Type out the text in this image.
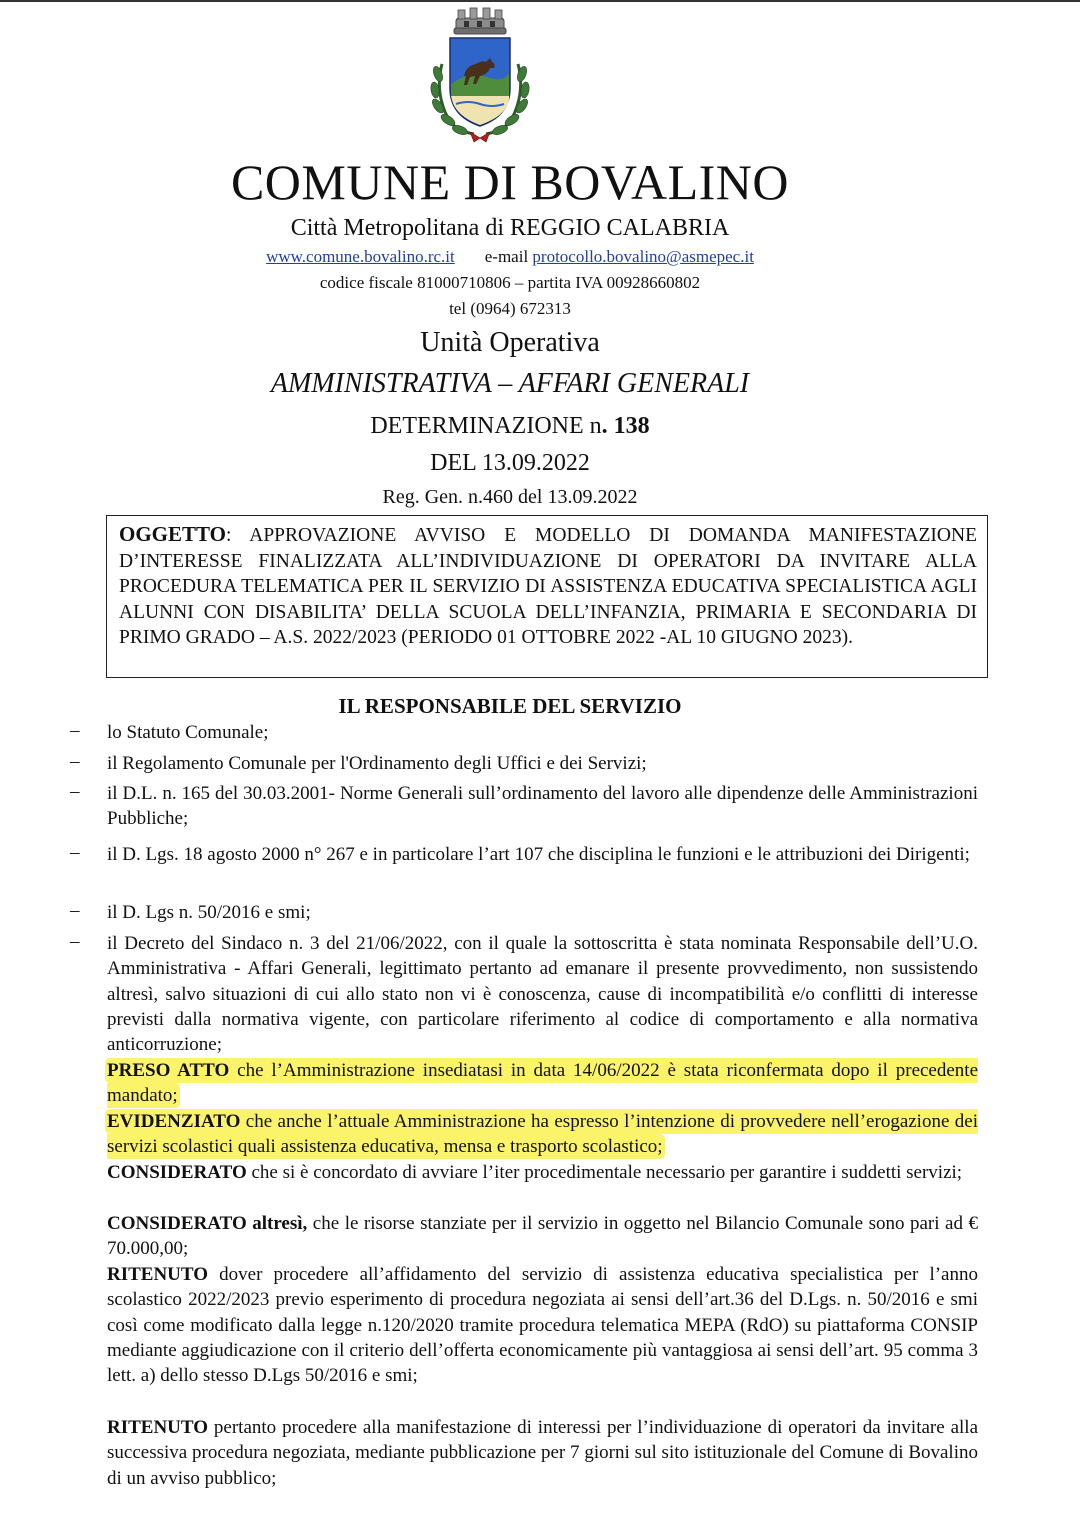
COMUNE DI BOVALINO
Città Metropolitana di REGGIO CALABRIA
www.comune.bovalino.rc.it e-mail protocollo.bovalino@asmepec.it
codice fiscale 81000710806 – partita IVA 00928660802
tel (0964) 672313
Unità Operativa
AMMINISTRATIVA – AFFARI GENERALI
DETERMINAZIONE n. 138
DEL 13.09.2022
Reg. Gen. n.460 del 13.09.2022
OGGETTO: APPROVAZIONE AVVISO E MODELLO DI DOMANDA MANIFESTAZIONE D’INTERESSE FINALIZZATA ALL’INDIVIDUAZIONE DI OPERATORI DA INVITARE ALLA PROCEDURA TELEMATICA PER IL SERVIZIO DI ASSISTENZA EDUCATIVA SPECIALISTICA AGLI ALUNNI CON DISABILITA’ DELLA SCUOLA DELL’INFANZIA, PRIMARIA E SECONDARIA DI PRIMO GRADO – A.S. 2022/2023 (PERIODO 01 OTTOBRE 2022 -AL 10 GIUGNO 2023).
IL RESPONSABILE DEL SERVIZIO
–	lo Statuto Comunale;
–	il Regolamento Comunale per l'Ordinamento degli Uffici e dei Servizi;
–	il D.L. n. 165 del 30.03.2001- Norme Generali sull’ordinamento del lavoro alle dipendenze delle Amministrazioni Pubbliche;
–	il D. Lgs. 18 agosto 2000 n° 267 e in particolare l’art 107 che disciplina le funzioni e le attribuzioni dei Dirigenti;
–	il D. Lgs n. 50/2016 e smi;
–	il Decreto del Sindaco n. 3 del 21/06/2022, con il quale la sottoscritta è stata nominata Responsabile dell’U.O. Amministrativa - Affari Generali, legittimato pertanto ad emanare il presente provvedimento, non sussistendo altresì, salvo situazioni di cui allo stato non vi è conoscenza, cause di incompatibilità e/o conflitti di interesse previsti dalla normativa vigente, con particolare riferimento al codice di comportamento e alla normativa anticorruzione;
PRESO ATTO che l’Amministrazione insediatasi in data 14/06/2022 è stata riconfermata dopo il precedente mandato;
EVIDENZIATO che anche l’attuale Amministrazione ha espresso l’intenzione di provvedere nell’erogazione dei servizi scolastici quali assistenza educativa, mensa e trasporto scolastico;
CONSIDERATO che si è concordato di avviare l’iter procedimentale necessario per garantire i suddetti servizi;
CONSIDERATO altresì, che le risorse stanziate per il servizio in oggetto nel Bilancio Comunale sono pari ad € 70.000,00;
RITENUTO dover procedere all’affidamento del servizio di assistenza educativa specialistica per l’anno scolastico 2022/2023 previo esperimento di procedura negoziata ai sensi dell’art.36 del D.Lgs. n. 50/2016 e smi così come modificato dalla legge n.120/2020 tramite procedura telematica MEPA (RdO) su piattaforma CONSIP mediante aggiudicazione con il criterio dell’offerta economicamente più vantaggiosa ai sensi dell’art. 95 comma 3 lett. a) dello stesso D.Lgs 50/2016 e smi;
RITENUTO pertanto procedere alla manifestazione di interessi per l’individuazione di operatori da invitare alla successiva procedura negoziata, mediante pubblicazione per 7 giorni sul sito istituzionale del Comune di Bovalino di un avviso pubblico;
